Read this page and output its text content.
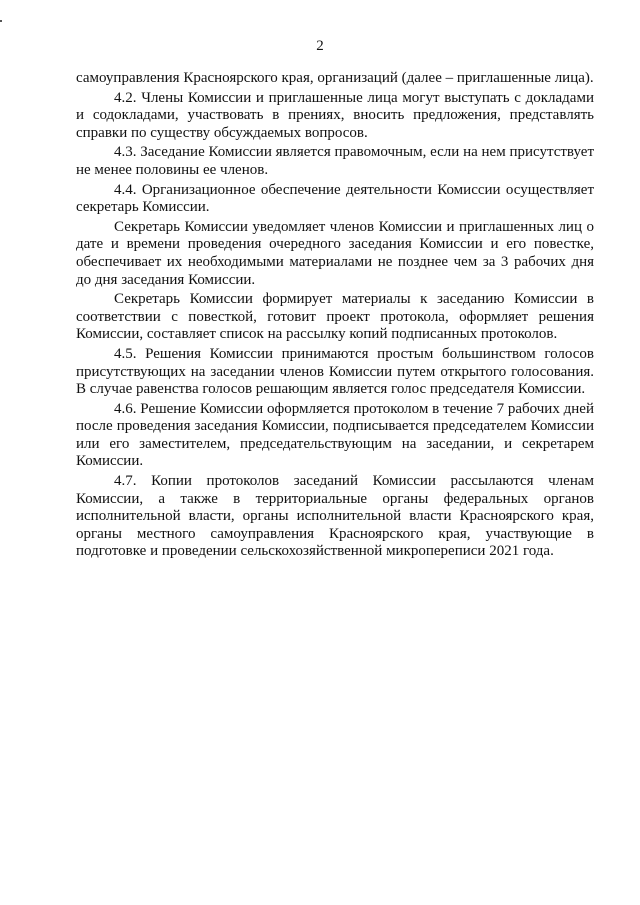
2

самоуправления Красноярского края, организаций (далее – приглашенные лица).

4.2. Члены Комиссии и приглашенные лица могут выступать с докладами и содокладами, участвовать в прениях, вносить предложения, представлять справки по существу обсуждаемых вопросов.

4.3. Заседание Комиссии является правомочным, если на нем присутствует не менее половины ее членов.

4.4. Организационное обеспечение деятельности Комиссии осуществляет секретарь Комиссии.

Секретарь Комиссии уведомляет членов Комиссии и приглашенных лиц о дате и времени проведения очередного заседания Комиссии и его повестке, обеспечивает их необходимыми материалами не позднее чем за 3 рабочих дня до дня заседания Комиссии.

Секретарь Комиссии формирует материалы к заседанию Комиссии в соответствии с повесткой, готовит проект протокола, оформляет решения Комиссии, составляет список на рассылку копий подписанных протоколов.

4.5. Решения Комиссии принимаются простым большинством голосов присутствующих на заседании членов Комиссии путем открытого голосования. В случае равенства голосов решающим является голос председателя Комиссии.

4.6. Решение Комиссии оформляется протоколом в течение 7 рабочих дней после проведения заседания Комиссии, подписывается председателем Комиссии или его заместителем, председательствующим на заседании, и секретарем Комиссии.

4.7. Копии протоколов заседаний Комиссии рассылаются членам Комиссии, а также в территориальные органы федеральных органов исполнительной власти, органы исполнительной власти Красноярского края, органы местного самоуправления Красноярского края, участвующие в подготовке и проведении сельскохозяйственной микропереписи 2021 года.
